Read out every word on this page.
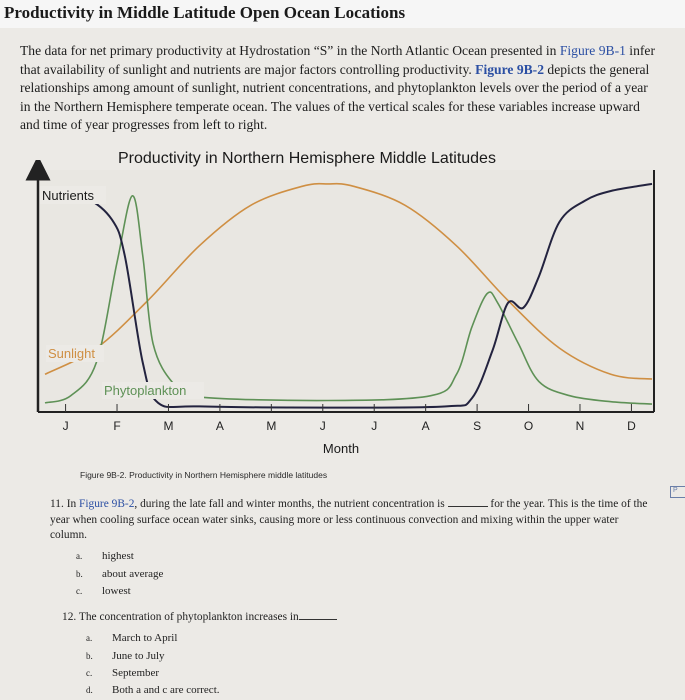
Productivity in Middle Latitude Open Ocean Locations
The data for net primary productivity at Hydrostation “S” in the North Atlantic Ocean presented in Figure 9B-1 infer that availability of sunlight and nutrients are major factors controlling productivity. Figure 9B-2 depicts the general relationships among amount of sunlight, nutrient concentrations, and phytoplankton levels over the period of a year in the Northern Hemisphere temperate ocean. The values of the vertical scales for these variables increase upward and time of year progresses from left to right.
Productivity in Northern Hemisphere Middle Latitudes
J	F	M	A	M	J	J	A	S	O	N	D
Month
Nutrients
Sunlight
Phytoplankton
Figure 9B-2. Productivity in Northern Hemisphere middle latitudes
P
11. In Figure 9B-2, during the late fall and winter months, the nutrient concentration is	for the year. This is the time of the year when cooling surface ocean water sinks, causing more or less continuous convection and mixing within the upper water column.
a. highest
b. about average
c. lowest
12. The concentration of phytoplankton increases in
a. March to April
b. June to July
c. September
d. Both a and c are correct.
